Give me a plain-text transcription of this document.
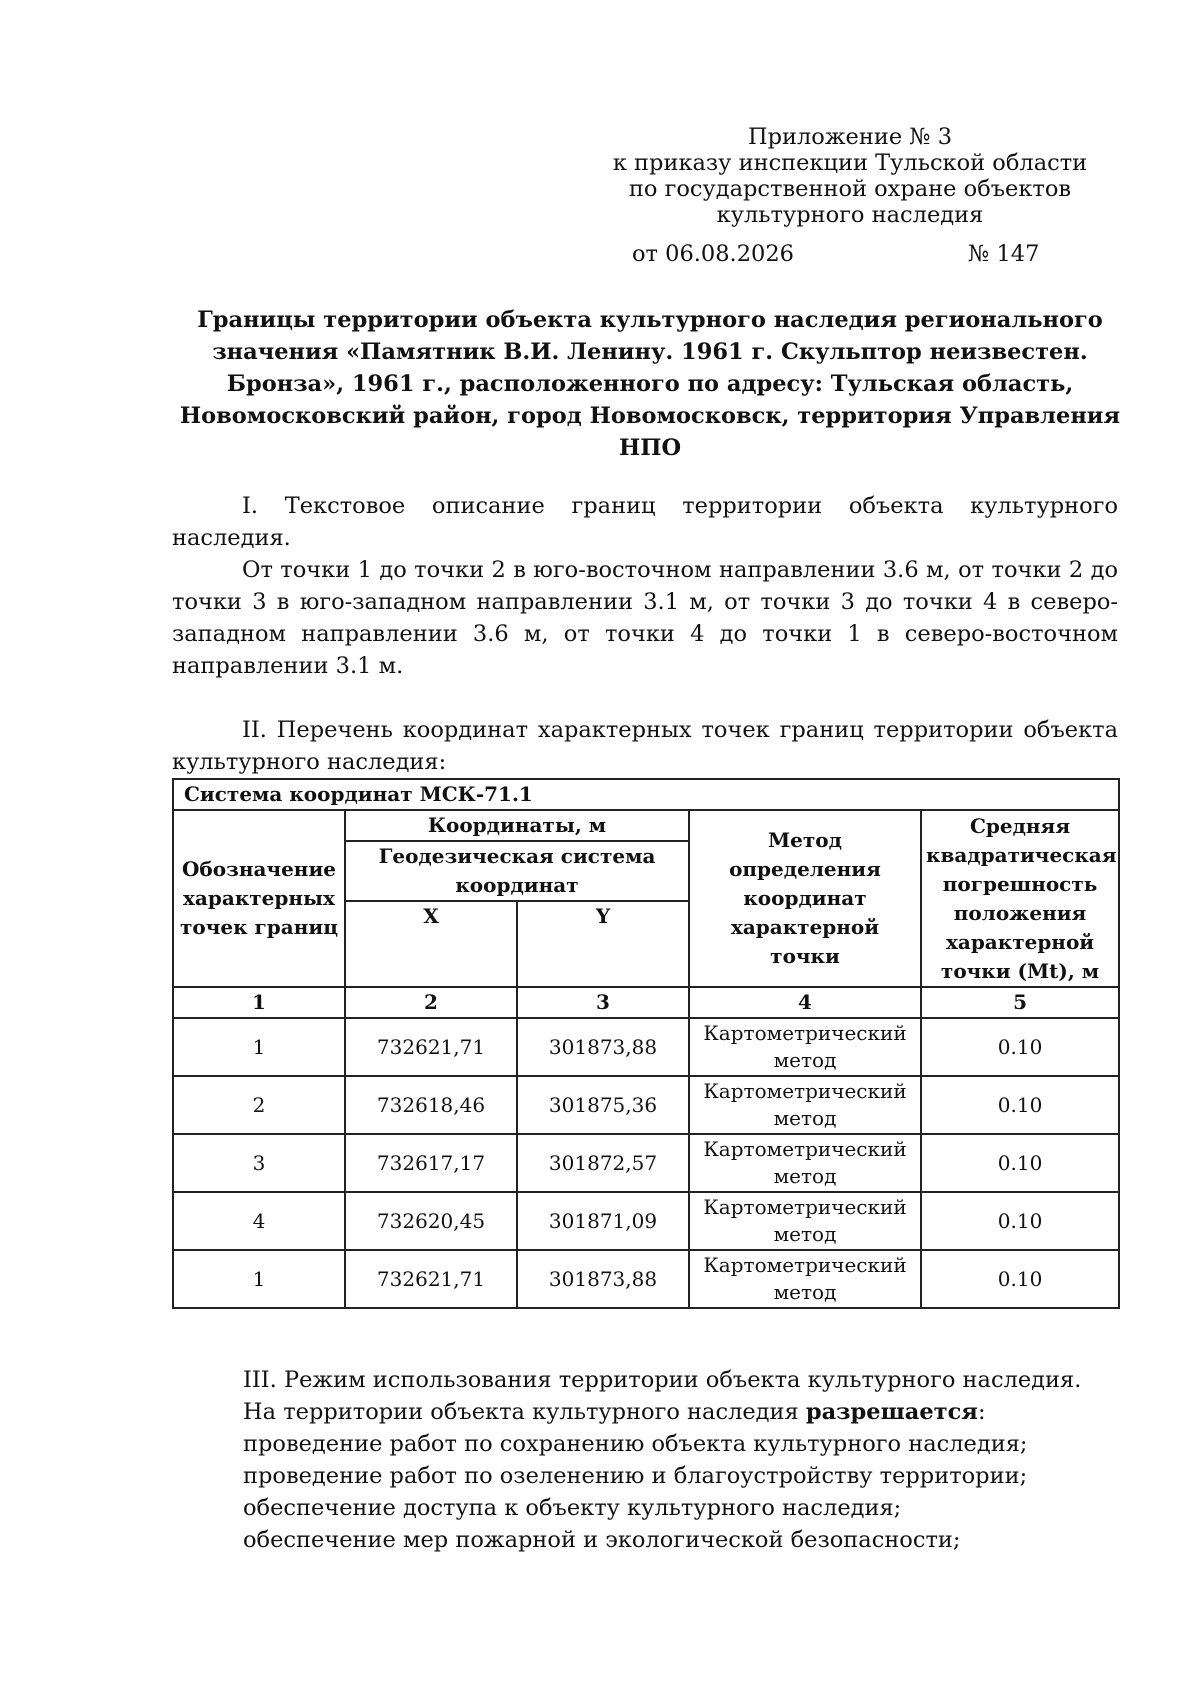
Приложение № 3
к приказу инспекции Тульской области
по государственной охране объектов
культурного наследия
от 06.08.2026	№ 147
Границы территории объекта культурного наследия регионального
значения «Памятник В.И. Ленину. 1961 г. Скульптор неизвестен.
Бронза», 1961 г., расположенного по адресу: Тульская область,
Новомосковский район, город Новомосковск, территория Управления
НПО
I. Текстовое описание границ территории объекта культурного наследия.
От точки 1 до точки 2 в юго-восточном направлении 3.6 м, от точки 2 до точки 3 в юго-западном направлении 3.1 м, от точки 3 до точки 4 в северо-западном направлении 3.6 м, от точки 4 до точки 1 в северо-восточном направлении 3.1 м.
II. Перечень координат характерных точек границ территории объекта культурного наследия:
Система координат МСК-71.1				
Обозначение характерных точек границ	Координаты, м		Метод определения координат характерной точки	Средняя квадратическая погрешность положения характерной точки (Mt), м
	Геодезическая система координат			
	X	Y		
1	2	3	4	5
1	732621,71	301873,88	Картометрический метод	0.10
2	732618,46	301875,36	Картометрический метод	0.10
3	732617,17	301872,57	Картометрический метод	0.10
4	732620,45	301871,09	Картометрический метод	0.10
1	732621,71	301873,88	Картометрический метод	0.10
III. Режим использования территории объекта культурного наследия.
На территории объекта культурного наследия разрешается:
проведение работ по сохранению объекта культурного наследия;
проведение работ по озеленению и благоустройству территории;
обеспечение доступа к объекту культурного наследия;
обеспечение мер пожарной и экологической безопасности;
